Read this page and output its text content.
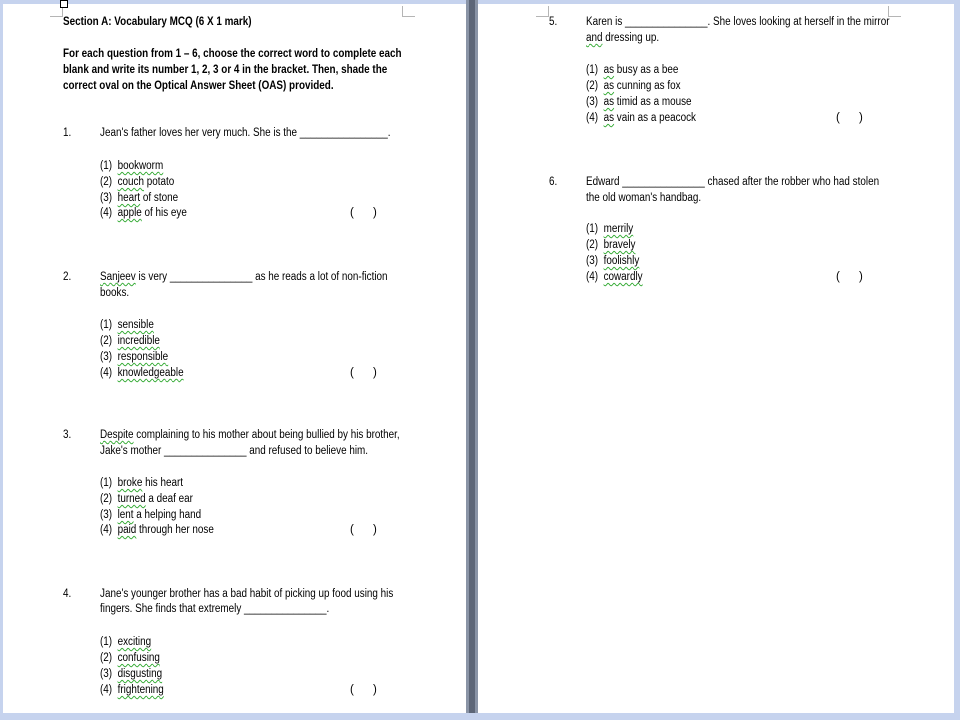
Section A: Vocabulary MCQ (6 X 1 mark)
For each question from 1 – 6, choose the correct word to complete each
blank and write its number 1, 2, 3 or 4 in the bracket. Then, shade the
correct oval on the Optical Answer Sheet (OAS) provided.
1. Jean's father loves her very much. She is the ________________.
(1) bookworm
(2) couch potato
(3) heart of stone
(4) apple of his eye	(      )
2. Sanjeev is very _______________ as he reads a lot of non-fiction
books.
(1) sensible
(2) incredible
(3) responsible
(4) knowledgeable	(      )
3. Despite complaining to his mother about being bullied by his brother,
Jake's mother _______________ and refused to believe him.
(1) broke his heart
(2) turned a deaf ear
(3) lent a helping hand
(4) paid through her nose	(      )
4. Jane's younger brother has a bad habit of picking up food using his
fingers. She finds that extremely _______________.
(1) exciting
(2) confusing
(3) disgusting
(4) frightening	(      )
5. Karen is _______________. She loves looking at herself in the mirror
and dressing up.
(1) as busy as a bee
(2) as cunning as fox
(3) as timid as a mouse
(4) as vain as a peacock	(      )
6. Edward _______________ chased after the robber who had stolen
the old woman's handbag.
(1) merrily
(2) bravely
(3) foolishly
(4) cowardly	(      )
